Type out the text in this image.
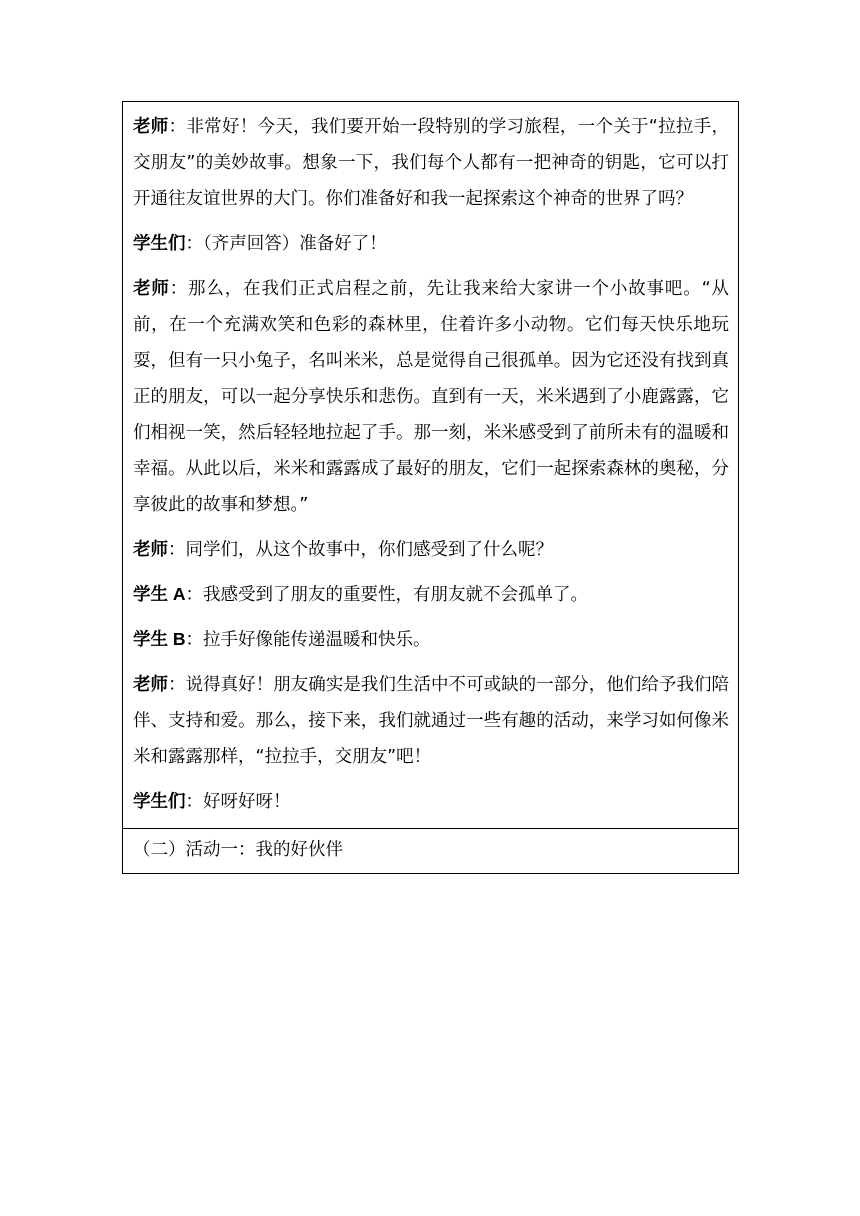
老师：非常好！今天，我们要开始一段特别的学习旅程，一个关于“拉拉手，交朋友”的美妙故事。想象一下，我们每个人都有一把神奇的钥匙，它可以打开通往友谊世界的大门。你们准备好和我一起探索这个神奇的世界了吗？

学生们：（齐声回答）准备好了！

老师：那么，在我们正式启程之前，先让我来给大家讲一个小故事吧。“从前，在一个充满欢笑和色彩的森林里，住着许多小动物。它们每天快乐地玩耍，但有一只小兔子，名叫米米，总是觉得自己很孤单。因为它还没有找到真正的朋友，可以一起分享快乐和悲伤。直到有一天，米米遇到了小鹿露露，它们相视一笑，然后轻轻地拉起了手。那一刻，米米感受到了前所未有的温暖和幸福。从此以后，米米和露露成了最好的朋友，它们一起探索森林的奥秘，分享彼此的故事和梦想。”

老师：同学们，从这个故事中，你们感受到了什么呢？

学生 A：我感受到了朋友的重要性，有朋友就不会孤单了。

学生 B：拉手好像能传递温暖和快乐。

老师：说得真好！朋友确实是我们生活中不可或缺的一部分，他们给予我们陪伴、支持和爱。那么，接下来，我们就通过一些有趣的活动，来学习如何像米米和露露那样，“拉拉手，交朋友”吧！

学生们：好呀好呀！

（二）活动一：我的好伙伴
